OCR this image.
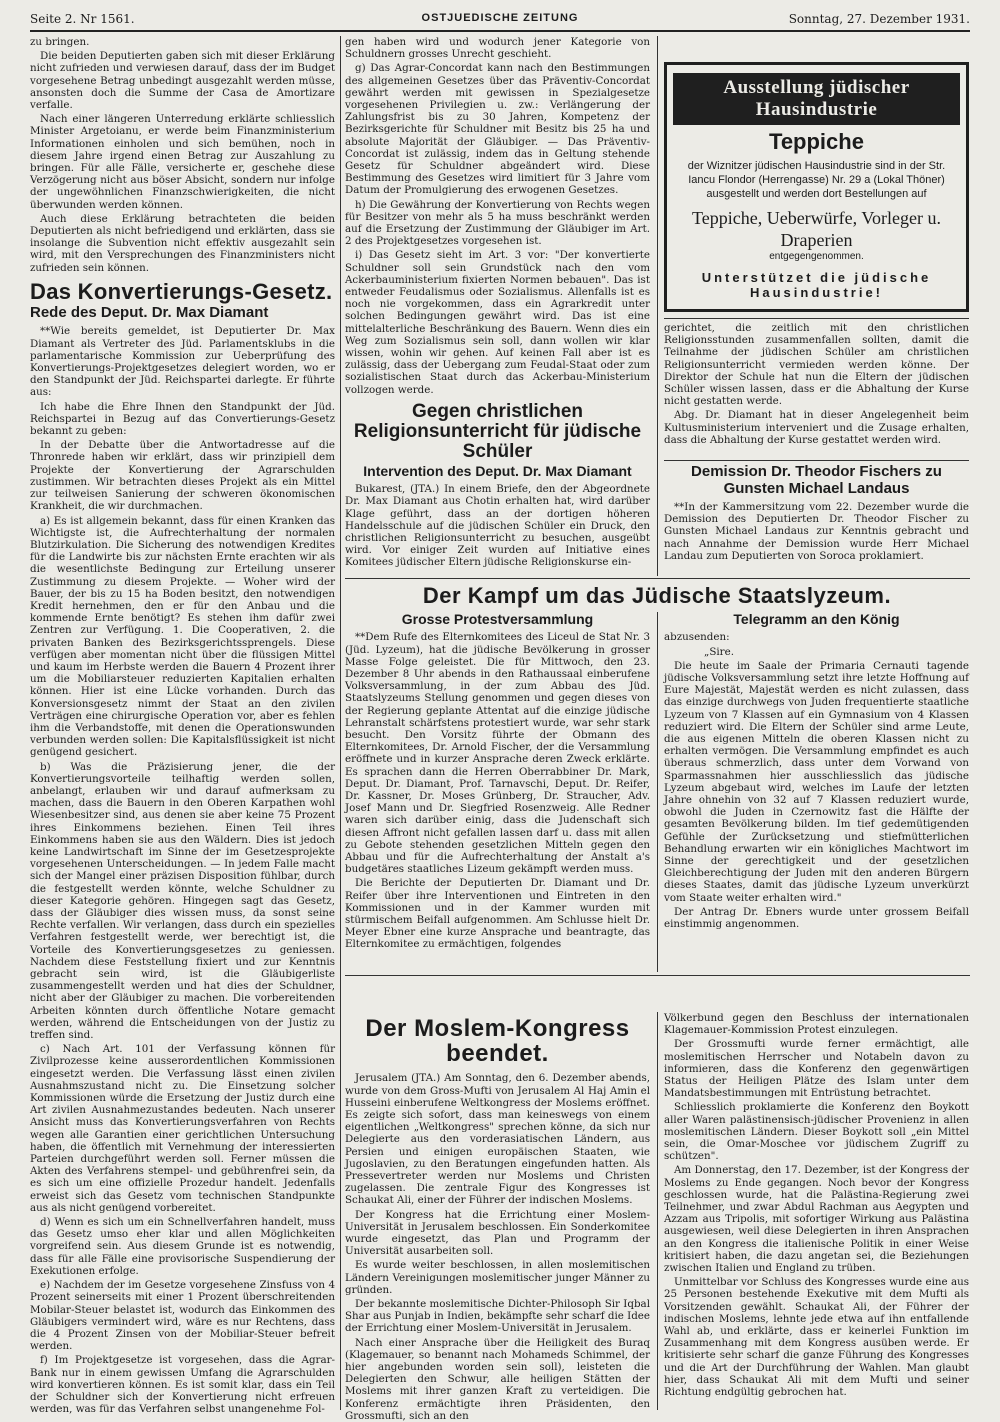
Seite 2. Nr 1561.	OSTJUEDISCHE ZEITUNG	Sonntag, 27. Dezember 1931.

zu bringen.

Die beiden Deputierten gaben sich mit dieser Erklärung nicht zufrieden und verwiesen darauf, dass der im Budget vorgesehene Betrag unbedingt ausgezahlt werden müsse, ansonsten doch die Summe der Casa de Amortizare verfalle.

Nach einer längeren Unterredung erklärte schliesslich Minister Argetoianu, er werde beim Finanzministerium Informationen einholen und sich bemühen, noch in diesem Jahre irgend einen Betrag zur Auszahlung zu bringen. Für alle Fälle, versicherte er, geschehe diese Verzögerung nicht aus böser Absicht, sondern nur infolge der ungewöhnlichen Finanzschwierigkeiten, die nicht überwunden werden können.

Auch diese Erklärung betrachteten die beiden Deputierten als nicht befriedigend und erklärten, dass sie insolange die Subvention nicht effektiv ausgezahlt sein wird, mit den Versprechungen des Finanzministers nicht zufrieden sein können.

Das Konvertierungs-Gesetz.
Rede des Deput. Dr. Max Diamant

**Wie bereits gemeldet, ist Deputierter Dr. Max Diamant als Vertreter des Jüd. Parlamentsklubs in die parlamentarische Kommission zur Ueberprüfung des Konvertierungs-Projektgesetzes delegiert worden, wo er den Standpunkt der Jüd. Reichspartei darlegte. Er führte aus:

Ich habe die Ehre Ihnen den Standpunkt der Jüd. Reichspartei in Bezug auf das Convertierungs-Gesetz bekannt zu geben:

In der Debatte über die Antwortadresse auf die Thronrede haben wir erklärt, dass wir prinzipiell dem Projekte der Konvertierung der Agrarschulden zustimmen. Wir betrachten dieses Projekt als ein Mittel zur teilweisen Sanierung der schweren ökonomischen Krankheit, die wir durchmachen.

a) Es ist allgemein bekannt, dass für einen Kranken das Wichtigste ist, die Aufrechterhaltung der normalen Blutzirkulation. Die Sicherung des notwendigen Kredites für die Landwirte bis zur nächsten Ernte erachten wir als die wesentlichste Bedingung zur Erteilung unserer Zustimmung zu diesem Projekte. — Woher wird der Bauer, der bis zu 15 ha Boden besitzt, den notwendigen Kredit hernehmen, den er für den Anbau und die kommende Ernte benötigt? Es stehen ihm dafür zwei Zentren zur Verfügung. 1. Die Cooperativen, 2. die privaten Banken des Bezirksgerichtssprengels. Diese verfügen aber momentan nicht über die flüssigen Mittel und kaum im Herbste werden die Bauern 4 Prozent ihrer um die Mobiliarsteuer reduzierten Kapitalien erhalten können. Hier ist eine Lücke vorhanden. Durch das Konversionsgesetz nimmt der Staat an den zivilen Verträgen eine chirurgische Operation vor, aber es fehlen ihm die Verbandstoffe, mit denen die Operationswunden verbunden werden sollen: Die Kapitalsflüssigkeit ist nicht genügend gesichert.

b) Was die Präzisierung jener, die der Konvertierungsvorteile teilhaftig werden sollen, anbelangt, erlauben wir und darauf aufmerksam zu machen, dass die Bauern in den Oberen Karpathen wohl Wiesenbesitzer sind, aus denen sie aber keine 75 Prozent ihres Einkommens beziehen. Einen Teil ihres Einkommens haben sie aus den Wäldern. Dies ist jedoch keine Landwirtschaft im Sinne der im Gesetzesprojekte vorgesehenen Unterscheidungen. — In jedem Falle macht sich der Mangel einer präzisen Disposition fühlbar, durch die festgestellt werden könnte, welche Schuldner zu dieser Kategorie gehören. Hingegen sagt das Gesetz, dass der Gläubiger dies wissen muss, da sonst seine Rechte verfallen. Wir verlangen, dass durch ein spezielles Verfahren festgestellt werde, wer berechtigt ist, die Vorteile des Konvertierungsgesetzes zu geniessen. Nachdem diese Feststellung fixiert und zur Kenntnis gebracht sein wird, ist die Gläubigerliste zusammengestellt werden und hat dies der Schuldner, nicht aber der Gläubiger zu machen. Die vorbereitenden Arbeiten könnten durch öffentliche Notare gemacht werden, während die Entscheidungen von der Justiz zu treffen sind.

c) Nach Art. 101 der Verfassung können für Zivilprozesse keine ausserordentlichen Kommissionen eingesetzt werden. Die Verfassung lässt einen zivilen Ausnahmszustand nicht zu. Die Einsetzung solcher Kommissionen würde die Ersetzung der Justiz durch eine Art zivilen Ausnahmezustandes bedeuten. Nach unserer Ansicht muss das Konvertierungsverfahren von Rechts wegen alle Garantien einer gerichtlichen Untersuchung haben, die öffentlich mit Vernehmung der interessierten Parteien durchgeführt werden soll. Ferner müssen die Akten des Verfahrens stempel- und gebührenfrei sein, da es sich um eine offizielle Prozedur handelt. Jedenfalls erweist sich das Gesetz vom technischen Standpunkte aus als nicht genügend vorbereitet.

d) Wenn es sich um ein Schnellverfahren handelt, muss das Gesetz umso eher klar und allen Möglichkeiten vorgreifend sein. Aus diesem Grunde ist es notwendig, dass für alle Fälle eine provisorische Suspendierung der Exekutionen erfolge.

e) Nachdem der im Gesetze vorgesehene Zinsfuss von 4 Prozent seinerseits mit einer 1 Prozent überschreitenden Mobilar-Steuer belastet ist, wodurch das Einkommen des Gläubigers vermindert wird, wäre es nur Rechtens, dass die 4 Prozent Zinsen von der Mobiliar-Steuer befreit werden.

f) Im Projektgesetze ist vorgesehen, dass die Agrar-Bank nur in einem gewissen Umfang die Agrarschulden wird konvertieren können. Es ist somit klar, dass ein Teil der Schuldner sich der Konvertierung nicht erfreuen werden, was für das Verfahren selbst unangenehme Fol-

gen haben wird und wodurch jener Kategorie von Schuldnern grosses Unrecht geschieht.

g) Das Agrar-Concordat kann nach den Bestimmungen des allgemeinen Gesetzes über das Präventiv-Concordat gewährt werden mit gewissen in Spezialgesetze vorgesehenen Privilegien u. zw.: Verlängerung der Zahlungsfrist bis zu 30 Jahren, Kompetenz der Bezirksgerichte für Schuldner mit Besitz bis 25 ha und absolute Majorität der Gläubiger. — Das Präventiv-Concordat ist zulässig, indem das in Geltung stehende Gesetz für Schuldner abgeändert wird. Diese Bestimmung des Gesetzes wird limitiert für 3 Jahre vom Datum der Promulgierung des erwogenen Gesetzes.

h) Die Gewährung der Konvertierung von Rechts wegen für Besitzer von mehr als 5 ha muss beschränkt werden auf die Ersetzung der Zustimmung der Gläubiger im Art. 2 des Projektgesetzes vorgesehen ist.

i) Das Gesetz sieht im Art. 3 vor: "Der konvertierte Schuldner soll sein Grundstück nach den vom Ackerbauministerium fixierten Normen bebauen". Das ist entweder Feudalismus oder Sozialismus. Allenfalls ist es noch nie vorgekommen, dass ein Agrarkredit unter solchen Bedingungen gewährt wird. Das ist eine mittelalterliche Beschränkung des Bauern. Wenn dies ein Weg zum Sozialismus sein soll, dann wollen wir klar wissen, wohin wir gehen. Auf keinen Fall aber ist es zulässig, dass der Uebergang zum Feudal-Staat oder zum sozialistischen Staat durch das Ackerbau-Ministerium vollzogen werde.

Gegen christlichen Religionsunterricht für jüdische Schüler
Intervention des Deput. Dr. Max Diamant

Bukarest, (JTA.) In einem Briefe, den der Abgeordnete Dr. Max Diamant aus Chotin erhalten hat, wird darüber Klage geführt, dass an der dortigen höheren Handelsschule auf die jüdischen Schüler ein Druck, den christlichen Religionsunterricht zu besuchen, ausgeübt wird. Vor einiger Zeit wurden auf Initiative eines Komitees jüdischer Eltern jüdische Religionskurse ein-

Ausstellung jüdischer Hausindustrie
Teppiche
der Wiznitzer jüdischen Hausindustrie sind in der Str. Iancu Flondor (Herrengasse) Nr. 29 a (Lokal Thöner) ausgestellt und werden dort Bestellungen auf
Teppiche, Ueberwürfe, Vorleger u. Draperien
entgegengenommen.
Unterstützet die jüdische Hausindustrie!

gerichtet, die zeitlich mit den christlichen Religionsstunden zusammenfallen sollten, damit die Teilnahme der jüdischen Schüler am christlichen Religionsunterricht vermieden werden könne. Der Direktor der Schule hat nun die Eltern der jüdischen Schüler wissen lassen, dass er die Abhaltung der Kurse nicht gestatten werde.

Abg. Dr. Diamant hat in dieser Angelegenheit beim Kultusministerium interveniert und die Zusage erhalten, dass die Abhaltung der Kurse gestattet werden wird.

Demission Dr. Theodor Fischers zu Gunsten Michael Landaus

**In der Kammersitzung vom 22. Dezember wurde die Demission des Deputierten Dr. Theodor Fischer zu Gunsten Michael Landaus zur Kenntnis gebracht und nach Annahme der Demission wurde Herr Michael Landau zum Deputierten von Soroca proklamiert.

Der Kampf um das Jüdische Staatslyzeum.
Grosse Protestversammlung

**Dem Rufe des Elternkomitees des Liceul de Stat Nr. 3 (Jüd. Lyzeum), hat die jüdische Bevölkerung in grosser Masse Folge geleistet. Die für Mittwoch, den 23. Dezember 8 Uhr abends in den Rathaussaal einberufene Volksversammlung, in der zum Abbau des Jüd. Staatslyzeums Stellung genommen und gegen dieses von der Regierung geplante Attentat auf die einzige jüdische Lehranstalt schärfstens protestiert wurde, war sehr stark besucht. Den Vorsitz führte der Obmann des Elternkomitees, Dr. Arnold Fischer, der die Versammlung eröffnete und in kurzer Ansprache deren Zweck erklärte. Es sprachen dann die Herren Oberrabbiner Dr. Mark, Deput. Dr. Diamant, Prof. Tarnavschi, Deput. Dr. Reifer, Dr. Kassner, Dr. Moses Grünberg, Dr. Straucher, Adv. Josef Mann und Dr. Siegfried Rosenzweig. Alle Redner waren sich darüber einig, dass die Judenschaft sich diesen Affront nicht gefallen lassen darf u. dass mit allen zu Gebote stehenden gesetzlichen Mitteln gegen den Abbau und für die Aufrechterhaltung der Anstalt a's budgetäres staatliches Lizeum gekämpft werden muss.

Die Berichte der Deputierten Dr. Diamant und Dr. Reifer über ihre Interventionen und Eintreten in den Kommissionen und in der Kammer wurden mit stürmischem Beifall aufgenommen. Am Schlusse hielt Dr. Meyer Ebner eine kurze Ansprache und beantragte, das Elternkomitee zu ermächtigen, folgendes

Telegramm an den König

abzusenden:

„Sire.

Die heute im Saale der Primaria Cernauti tagende jüdische Volksversammlung setzt ihre letzte Hoffnung auf Eure Majestät, Majestät werden es nicht zulassen, dass das einzige durchwegs von Juden frequentierte staatliche Lyzeum von 7 Klassen auf ein Gymnasium von 4 Klassen reduziert wird. Die Eltern der Schüler sind arme Leute, die aus eigenen Mitteln die oberen Klassen nicht zu erhalten vermögen. Die Versammlung empfindet es auch überaus schmerzlich, dass unter dem Vorwand von Sparmassnahmen hier ausschliesslich das jüdische Lyzeum abgebaut wird, welches im Laufe der letzten Jahre ohnehin von 32 auf 7 Klassen reduziert wurde, obwohl die Juden in Czernowitz fast die Hälfte der gesamten Bevölkerung bilden. Im tief gedemütigenden Gefühle der Zurücksetzung und stiefmütterlichen Behandlung erwarten wir ein königliches Machtwort im Sinne der gerechtigkeit und der gesetzlichen Gleichberechtigung der Juden mit den anderen Bürgern dieses Staates, damit das jüdische Lyzeum unverkürzt vom Staate weiter erhalten wird."

Der Antrag Dr. Ebners wurde unter grossem Beifall einstimmig angenommen.

Der Moslem-Kongress beendet.

Jerusalem (JTA.) Am Sonntag, den 6. Dezember abends, wurde von dem Gross-Mufti von Jerusalem Al Haj Amin el Husseini einberufene Weltkongress der Moslems eröffnet. Es zeigte sich sofort, dass man keineswegs von einem eigentlichen „Weltkongress" sprechen könne, da sich nur Delegierte aus den vorderasiatischen Ländern, aus Persien und einigen europäischen Staaten, wie Jugoslavien, zu den Beratungen eingefunden hatten. Als Pressevertreter werden nur Moslems und Christen zugelassen. Die zentrale Figur des Kongresses ist Schaukat Ali, einer der Führer der indischen Moslems.

Der Kongress hat die Errichtung einer Moslem-Universität in Jerusalem beschlossen. Ein Sonderkomitee wurde eingesetzt, das Plan und Programm der Universität ausarbeiten soll.

Es wurde weiter beschlossen, in allen moslemitischen Ländern Vereinigungen moslemitischer junger Männer zu gründen.

Der bekannte moslemitische Dichter-Philosoph Sir Iqbal Shar aus Punjab in Indien, bekämpfte sehr scharf die Idee der Errichtung einer Moslem-Universität in Jerusalem.

Nach einer Ansprache über die Heiligkeit des Buraq (Klagemauer, so benannt nach Mohameds Schimmel, der hier angebunden worden sein soll), leisteten die Delegierten den Schwur, alle heiligen Stätten der Moslems mit ihrer ganzen Kraft zu verteidigen. Die Konferenz ermächtigte ihren Präsidenten, den Grossmufti, sich an den

Völkerbund gegen den Beschluss der internationalen Klagemauer-Kommission Protest einzulegen.

Der Grossmufti wurde ferner ermächtigt, alle moslemitischen Herrscher und Notabeln davon zu informieren, dass die Konferenz den gegenwärtigen Status der Heiligen Plätze des Islam unter dem Mandatsbestimmungen mit Entrüstung betrachtet.

Schliesslich proklamierte die Konferenz den Boykott aller Waren palästinensisch-jüdischer Provenienz in allen moslemitischen Ländern. Dieser Boykott soll „ein Mittel sein, die Omar-Moschee vor jüdischem Zugriff zu schützen".

Am Donnerstag, den 17. Dezember, ist der Kongress der Moslems zu Ende gegangen. Noch bevor der Kongress geschlossen wurde, hat die Palästina-Regierung zwei Teilnehmer, und zwar Abdul Rachman aus Aegypten und Azzam aus Tripolis, mit sofortiger Wirkung aus Palästina ausgewiesen, weil diese Delegierten in ihren Ansprachen an den Kongress die italienische Politik in einer Weise kritisiert haben, die dazu angetan sei, die Beziehungen zwischen Italien und England zu trüben.

Unmittelbar vor Schluss des Kongresses wurde eine aus 25 Personen bestehende Exekutive mit dem Mufti als Vorsitzenden gewählt. Schaukat Ali, der Führer der indischen Moslems, lehnte jede etwa auf ihn entfallende Wahl ab, und erklärte, dass er keinerlei Funktion im Zusammenhang mit dem Kongress ausüben werde. Er kritisierte sehr scharf die ganze Führung des Kongresses und die Art der Durchführung der Wahlen. Man glaubt hier, dass Schaukat Ali mit dem Mufti und seiner Richtung endgültig gebrochen hat.
